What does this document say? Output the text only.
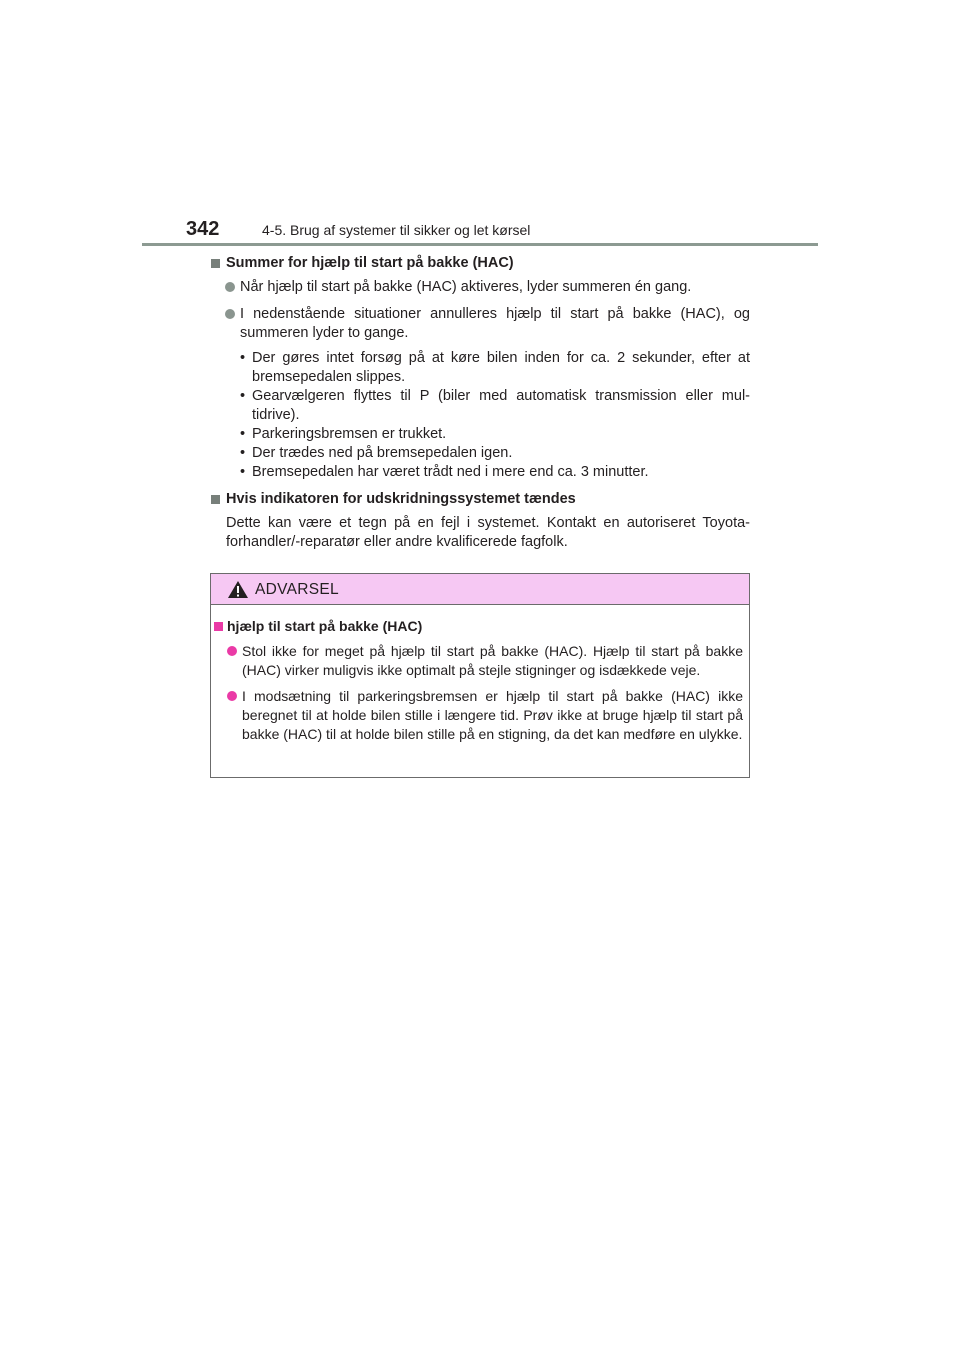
342	4-5. Brug af systemer til sikker og let kørsel
Summer for hjælp til start på bakke (HAC)
Når hjælp til start på bakke (HAC) aktiveres, lyder summeren én gang.
I nedenstående situationer annulleres hjælp til start på bakke (HAC), og summeren lyder to gange.
• Der gøres intet forsøg på at køre bilen inden for ca. 2 sekunder, efter at bremsepedalen slippes.
• Gearvælgeren flyttes til P (biler med automatisk transmission eller mul-tidrive).
• Parkeringsbremsen er trukket.
• Der trædes ned på bremsepedalen igen.
• Bremsepedalen har været trådt ned i mere end ca. 3 minutter.
Hvis indikatoren for udskridningssystemet tændes
Dette kan være et tegn på en fejl i systemet. Kontakt en autoriseret Toyota-forhandler/-reparatør eller andre kvalificerede fagfolk.
ADVARSEL
hjælp til start på bakke (HAC)
Stol ikke for meget på hjælp til start på bakke (HAC). Hjælp til start på bakke (HAC) virker muligvis ikke optimalt på stejle stigninger og isdækkede veje.
I modsætning til parkeringsbremsen er hjælp til start på bakke (HAC) ikke beregnet til at holde bilen stille i længere tid. Prøv ikke at bruge hjælp til start på bakke (HAC) til at holde bilen stille på en stigning, da det kan medføre en ulykke.
